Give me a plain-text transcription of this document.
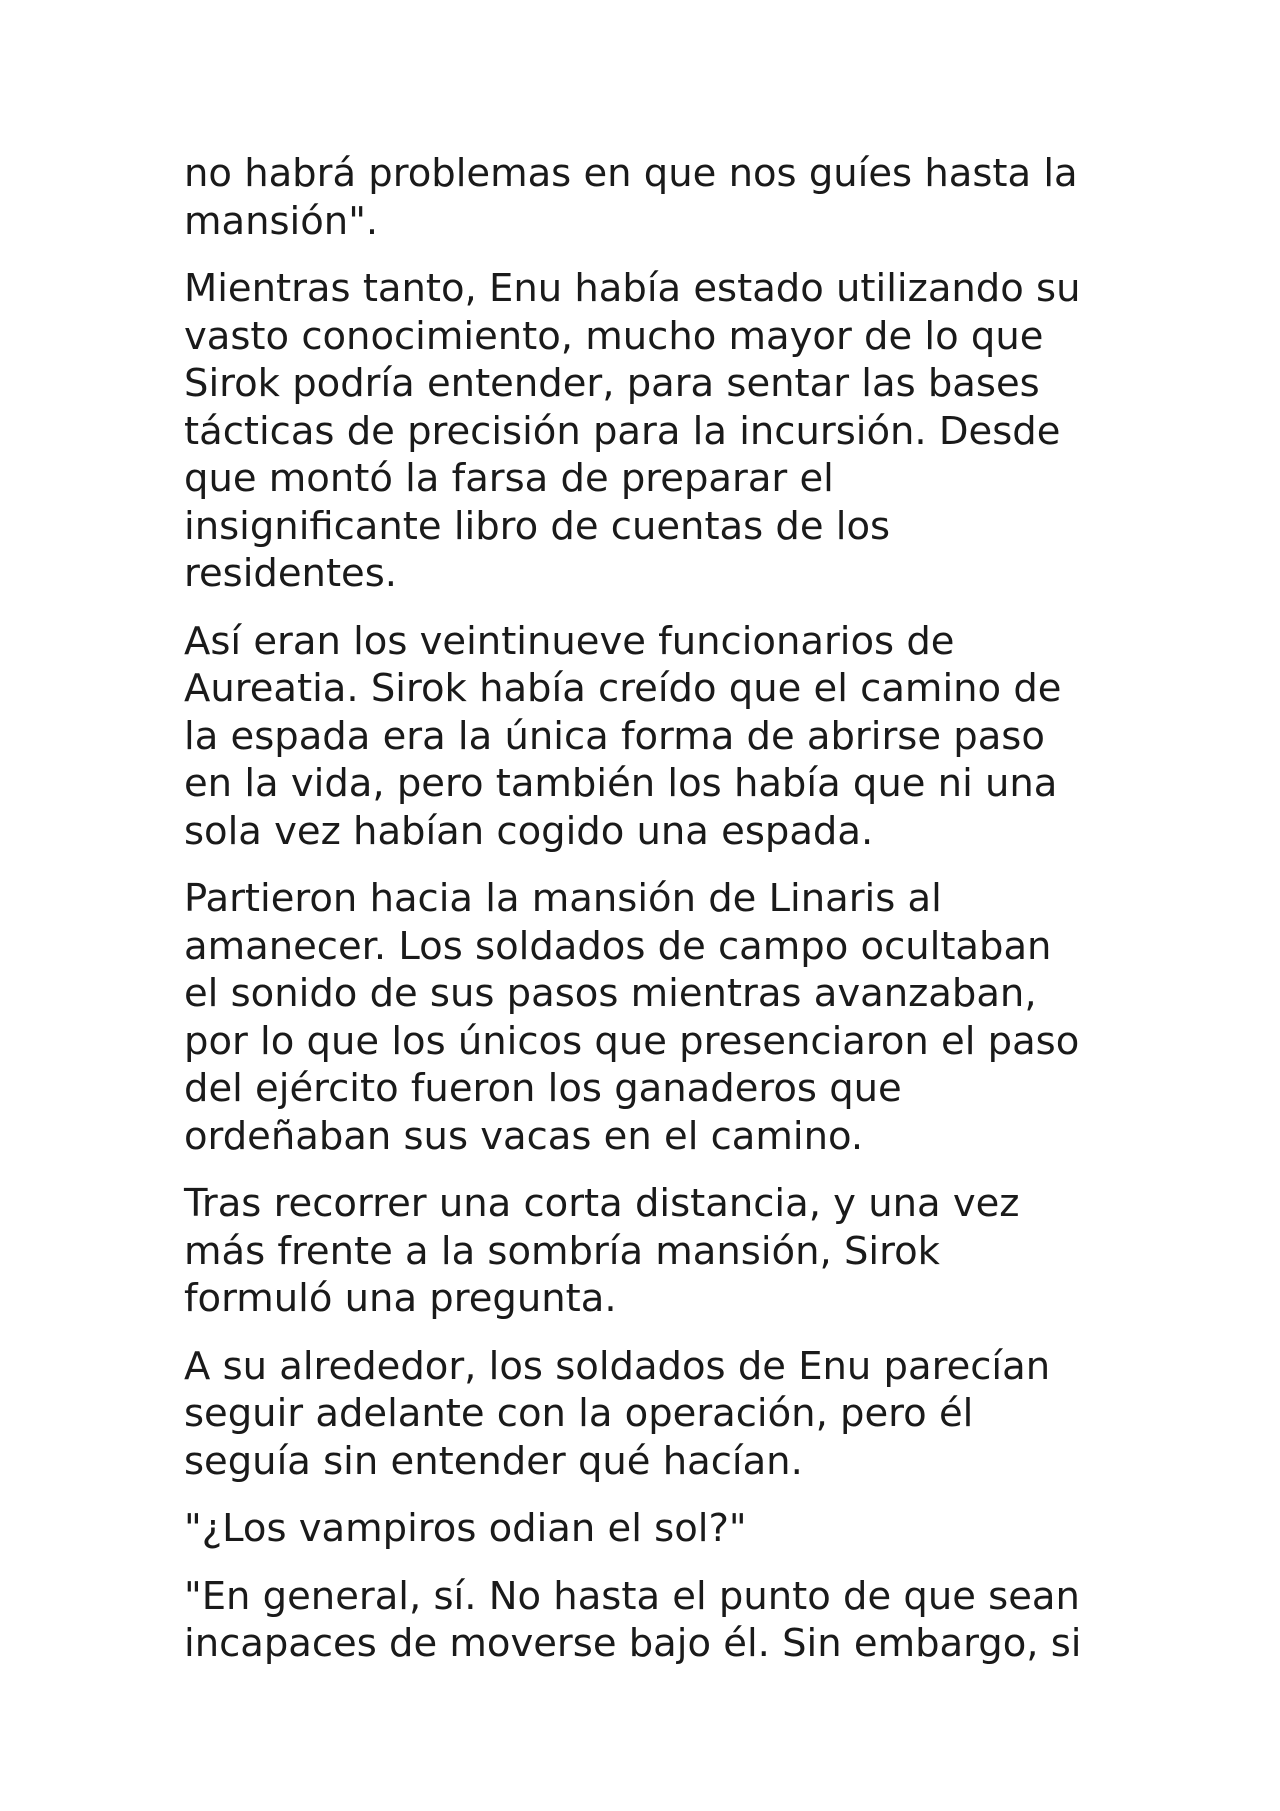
no habrá problemas en que nos guíes hasta la
mansión".

Mientras tanto, Enu había estado utilizando su
vasto conocimiento, mucho mayor de lo que
Sirok podría entender, para sentar las bases
tácticas de precisión para la incursión. Desde
que montó la farsa de preparar el
insignificante libro de cuentas de los
residentes.

Así eran los veintinueve funcionarios de
Aureatia. Sirok había creído que el camino de
la espada era la única forma de abrirse paso
en la vida, pero también los había que ni una
sola vez habían cogido una espada.

Partieron hacia la mansión de Linaris al
amanecer. Los soldados de campo ocultaban
el sonido de sus pasos mientras avanzaban,
por lo que los únicos que presenciaron el paso
del ejército fueron los ganaderos que
ordeñaban sus vacas en el camino.

Tras recorrer una corta distancia, y una vez
más frente a la sombría mansión, Sirok
formuló una pregunta.

A su alrededor, los soldados de Enu parecían
seguir adelante con la operación, pero él
seguía sin entender qué hacían.

"¿Los vampiros odian el sol?"

"En general, sí. No hasta el punto de que sean
incapaces de moverse bajo él. Sin embargo, si
